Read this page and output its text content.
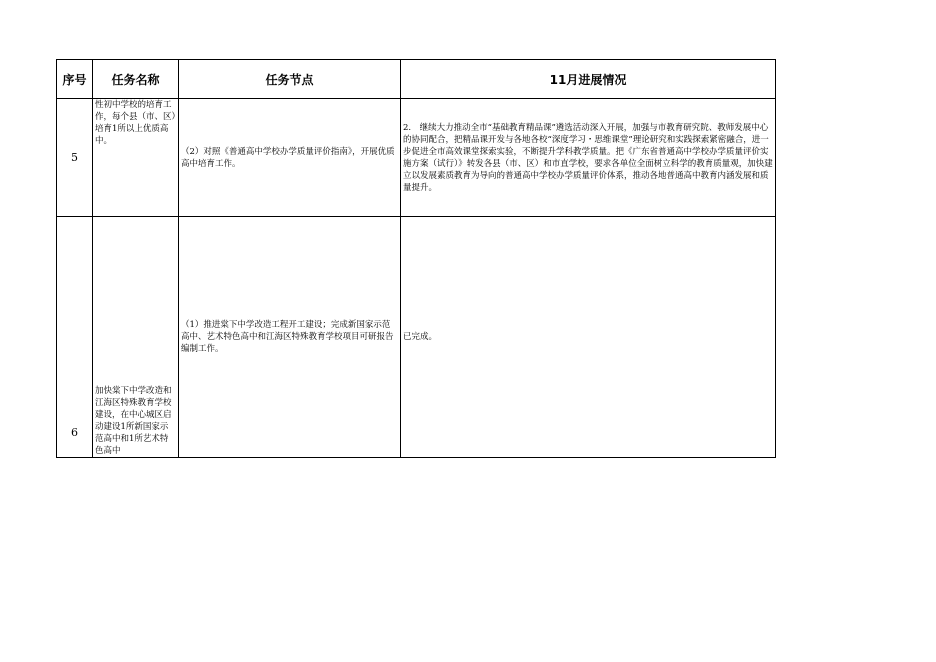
序号	任务名称	任务节点	11月进展情况
5	性初中学校的培育工作，每个县（市、区）培育1所以上优质高中。	（2）对照《普通高中学校办学质量评价指南》，开展优质高中培育工作。	2.　继续大力推动全市“基础教育精品课”遴选活动深入开展，加强与市教育研究院、教师发展中心的协同配合，把精品课开发与各地各校“深度学习・思维课堂”理论研究和实践探索紧密融合，进一步促进全市高效课堂探索实验，不断提升学科教学质量。把《广东省普通高中学校办学质量评价实施方案（试行）》转发各县（市、区）和市直学校，要求各单位全面树立科学的教育质量观，加快建立以发展素质教育为导向的普通高中学校办学质量评价体系，推动各地普通高中教育内涵发展和质量提升。

6	加快棠下中学改造和江海区特殊教育学校建设，在中心城区启动建设1所新国家示范高中和1所艺术特色高中	（1）推进棠下中学改造工程开工建设；完成新国家示范高中、艺术特色高中和江海区特殊教育学校项目可研报告编制工作。	已完成。
